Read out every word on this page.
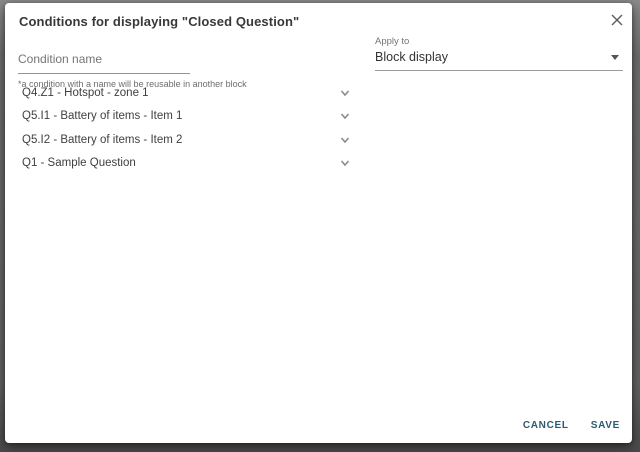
Conditions for displaying "Closed Question"
Condition name
*a condition with a name will be reusable in another block
Apply to
Block display
Q4.Z1 - Hotspot - zone 1
Q5.I1 - Battery of items - Item 1
Q5.I2 - Battery of items - Item 2
Q1 - Sample Question
CANCEL	SAVE
